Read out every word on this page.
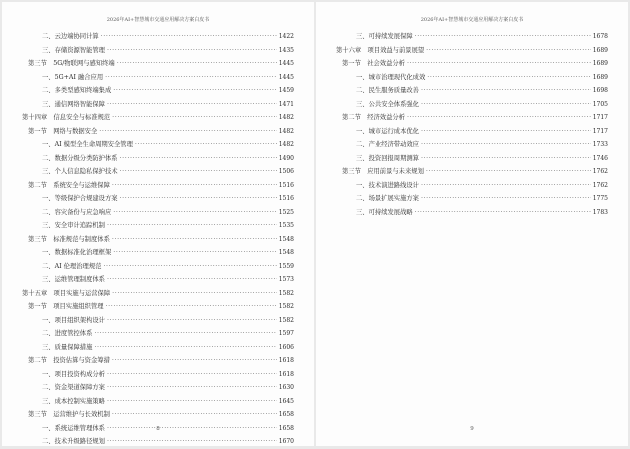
2026年AI+智慧城市交通应用解决方案白皮书
二、云边端协同计算 ·····	1422
三、存储资源智能管理 ·····	1435
第三节　5G/物联网与感知终端 ·····	1445
一、5G+AI 融合应用 ·····	1445
二、多类型感知终端集成 ·····	1459
三、通信网络智能保障 ·····	1471
第十四章　信息安全与标准规范 ·····	1482
第一节　网络与数据安全 ·····	1482
一、AI 模型全生命周期安全管理 ·····	1482
二、数据分级分类防护体系 ·····	1490
三、个人信息隐私保护技术 ·····	1506
第二节　系统安全与运维保障 ·····	1516
一、等级保护合规建设方案 ·····	1516
二、容灾备份与应急响应 ·····	1525
三、安全审计追踪机制 ·····	1535
第三节　标准规范与制度体系 ·····	1548
一、数据标准化治理框架 ·····	1548
二、AI 伦理治理规范 ·····	1559
三、运维管理制度体系 ·····	1573
第十五章　项目实施与运营保障 ·····	1582
第一节　项目实施组织管理 ·····	1582
一、项目组织架构设计 ·····	1582
二、进度管控体系 ·····	1597
三、质量保障措施 ·····	1606
第二节　投资估算与资金筹措 ·····	1618
一、项目投资构成分析 ·····	1618
二、资金渠道保障方案 ·····	1630
三、成本控制实施策略 ·····	1645
第三节　运营维护与长效机制 ·····	1658
一、系统运维管理体系 ·····	1658
二、技术升级路径规划 ·····	1670
8
2026年AI+智慧城市交通应用解决方案白皮书
三、可持续发展保障 ·····	1678
第十六章　项目效益与前景展望 ·····	1689
第一节　社会效益分析 ·····	1689
一、城市治理现代化成效 ·····	1689
二、民生服务质量改善 ·····	1698
三、公共安全体系强化 ·····	1705
第二节　经济效益分析 ·····	1717
一、城市运行成本优化 ·····	1717
二、产业经济带动效应 ·····	1733
三、投资回报周期测算 ·····	1746
第三节　应用前景与未来规划 ·····	1762
一、技术演进路线设计 ·····	1762
二、场景扩展实施方案 ·····	1775
三、可持续发展战略 ·····	1783
9
